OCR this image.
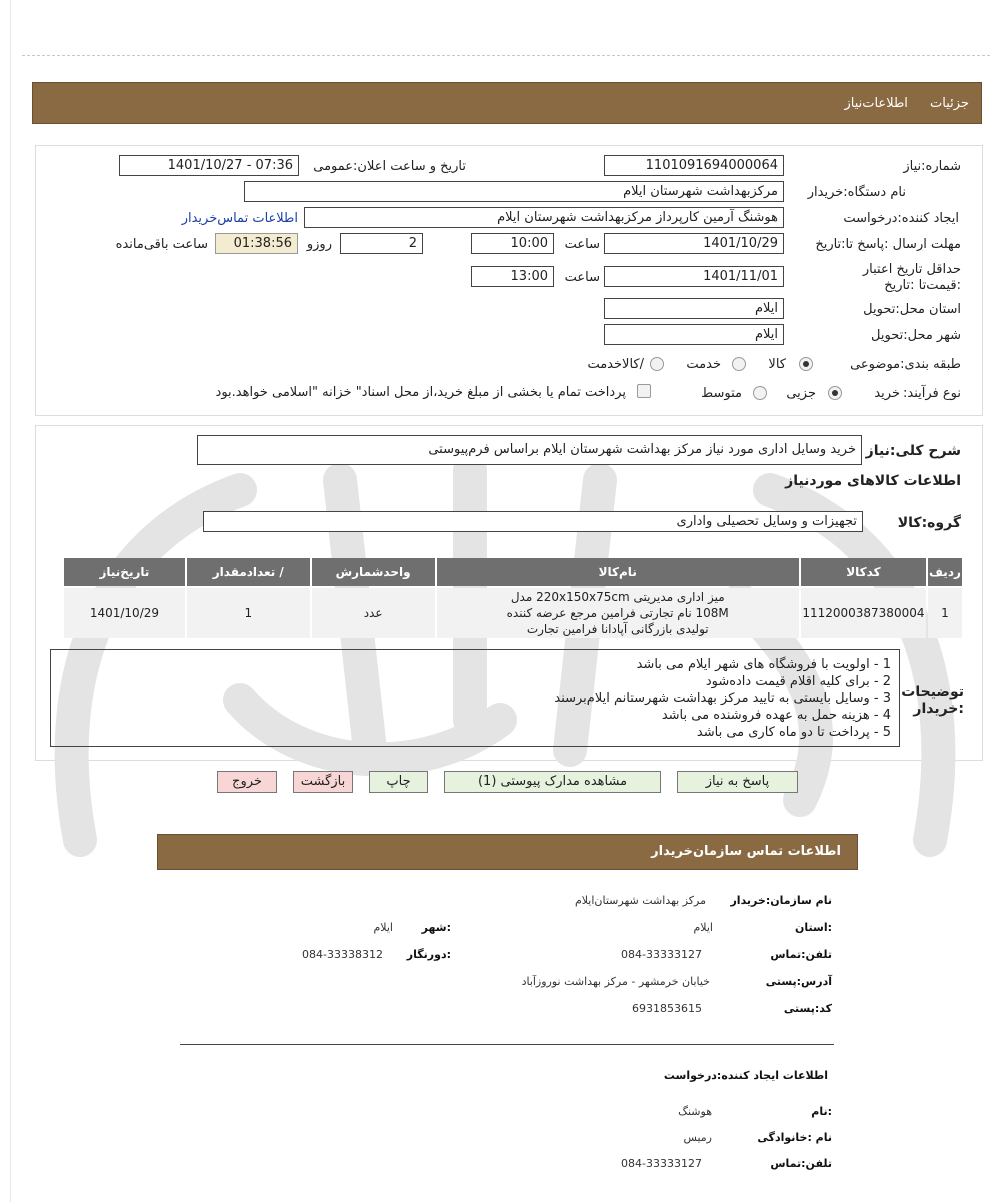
جزئیات اطلاعات‌نیاز
شماره:نیاز
1101091694000064
تاریخ و ساعت اعلان:عمومی
1401/10/27 - 07:36
نام دستگاه:خریدار
مرکزبهداشت شهرستان ایلام
ایجاد کننده:درخواست
هوشنگ آرمین کارپرداز مرکزبهداشت شهرستان ایلام
اطلاعات تماس‌خریدار
مهلت ارسال :پاسخ تا:تاریخ
1401/10/29
ساعت
10:00
2
روزو
01:38:56
ساعت باقی‌مانده
حداقل تاریخ اعتبار :قیمت‌تا :تاریخ
1401/11/01
ساعت
13:00
استان محل:تحویل
ایلام
شهر محل:تحویل
ایلام
طبقه بندی:موضوعی
کالا
خدمت
/کالاخدمت
نوع فرآیند:
خرید
جزیی
متوسط
پرداخت تمام یا بخشی از مبلغ خرید،از محل اسناد" خزانه "اسلامی خواهد.بود
شرح کلی:نیاز
خرید وسایل اداری مورد نیاز مرکز بهداشت شهرستان ایلام براساس فرم‌پیوستی
اطلاعات کالاهای موردنیاز
گروه:کالا
تجهیزات و وسایل تحصیلی واداری
ردیف	کدکالا	نام‌کالا	واحدشمارش	/ تعدادمقدار	تاریخ‌نیاز
1	1112000387380004	میز اداری مدیریتی 220x150x75cm مدل 108M نام تجارتی فرامین مرجع عرضه کننده تولیدی بازرگانی آپادانا فرامین تجارت	عدد	1	1401/10/29
توضیحات :خریدار
1 - اولویت با فروشگاه های شهر ایلام می باشد
2 - برای کلیه اقلام قیمت داده‌شود
3 - وسایل بایستی به تایید مرکز بهداشت شهرستانم ایلام‌برسند
4 - هزینه حمل به عهده فروشنده می باشد
5 - پرداخت تا دو ماه کاری می باشد
پاسخ به نیاز
مشاهده مدارک پیوستی (1)
چاپ
بازگشت
خروج
اطلاعات تماس سازمان‌خریدار
نام سازمان:خریدار
مرکز بهداشت شهرستان‌ایلام
:استان
ایلام
:شهر
ایلام
تلفن:تماس
084-33333127
:دورنگار
084-33338312
آدرس:پستی
خیابان خرمشهر - مرکز بهداشت نوروزآباد
کد:پستی
6931853615
اطلاعات ایجاد کننده:درخواست
:نام
هوشنگ
نام :خانوادگی
رمیس
تلفن:تماس
084-33333127
